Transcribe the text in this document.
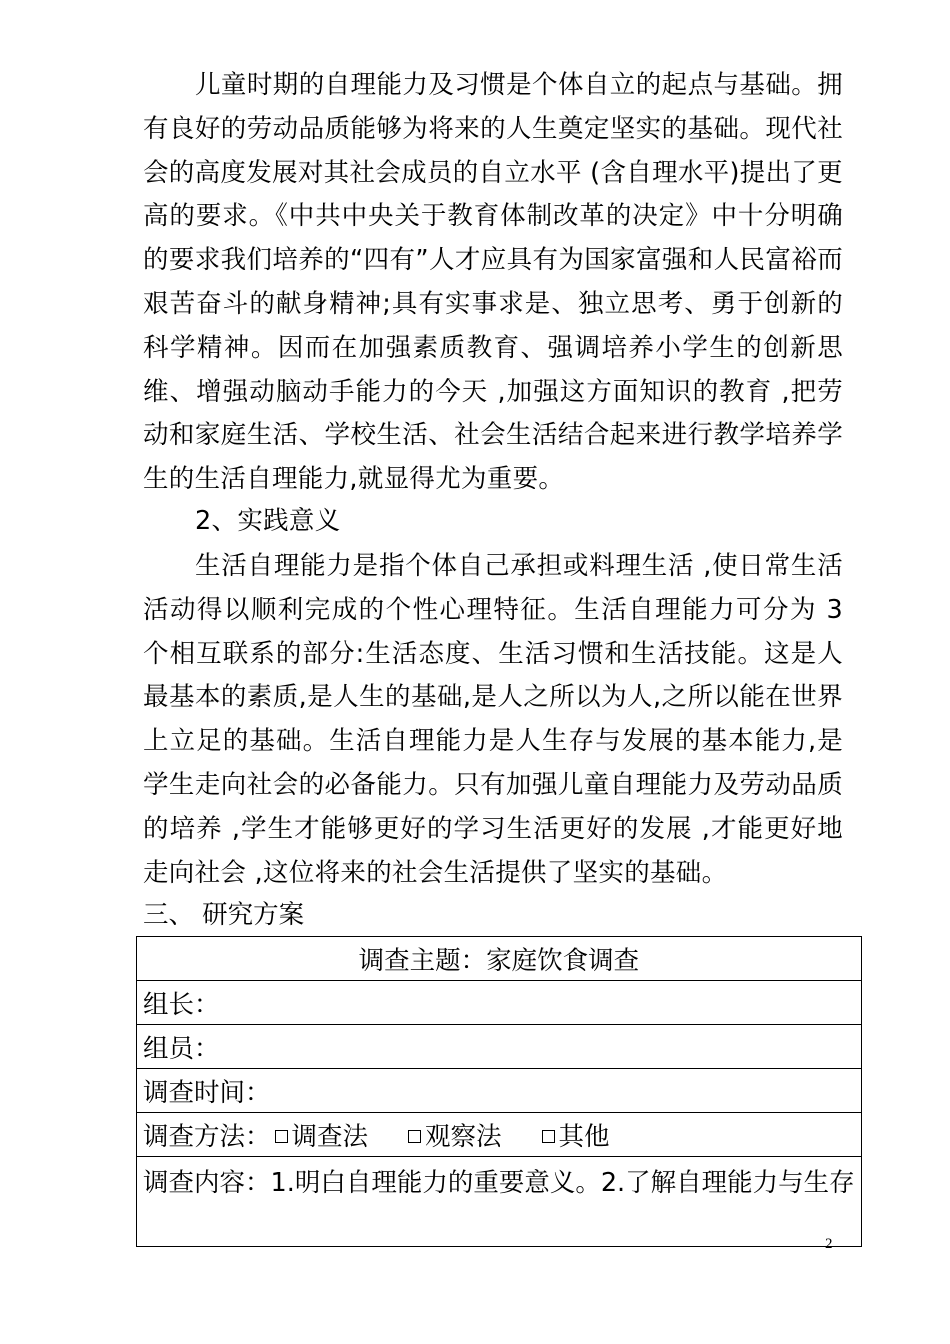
儿童时期的自理能力及习惯是个体自立的起点与基础。拥有良好的劳动品质能够为将来的人生奠定坚实的基础。现代社会的高度发展对其社会成员的自立水平 (含自理水平)提出了更高的要求。《中共中央关于教育体制改革的决定》中十分明确的要求我们培养的“四有”人才应具有为国家富强和人民富裕而艰苦奋斗的献身精神;具有实事求是、独立思考、勇于创新的科学精神。因而在加强素质教育、强调培养小学生的创新思维、增强动脑动手能力的今天 ,加强这方面知识的教育 ,把劳动和家庭生活、学校生活、社会生活结合起来进行教学培养学生的生活自理能力,就显得尤为重要。

2、实践意义

生活自理能力是指个体自己承担或料理生活 ,使日常生活活动得以顺利完成的个性心理特征。生活自理能力可分为 3 个相互联系的部分:生活态度、生活习惯和生活技能。这是人最基本的素质,是人生的基础,是人之所以为人,之所以能在世界上立足的基础。生活自理能力是人生存与发展的基本能力,是学生走向社会的必备能力。只有加强儿童自理能力及劳动品质的培养 ,学生才能够更好的学习生活更好的发展 ,才能更好地走向社会 ,这位将来的社会生活提供了坚实的基础。

三、 研究方案

调查主题：家庭饮食调查
组长：
组员：
调查时间：
调查方法： 调查法 观察法 其他
调查内容：1.明白自理能力的重要意义。2.了解自理能力与生存
2
